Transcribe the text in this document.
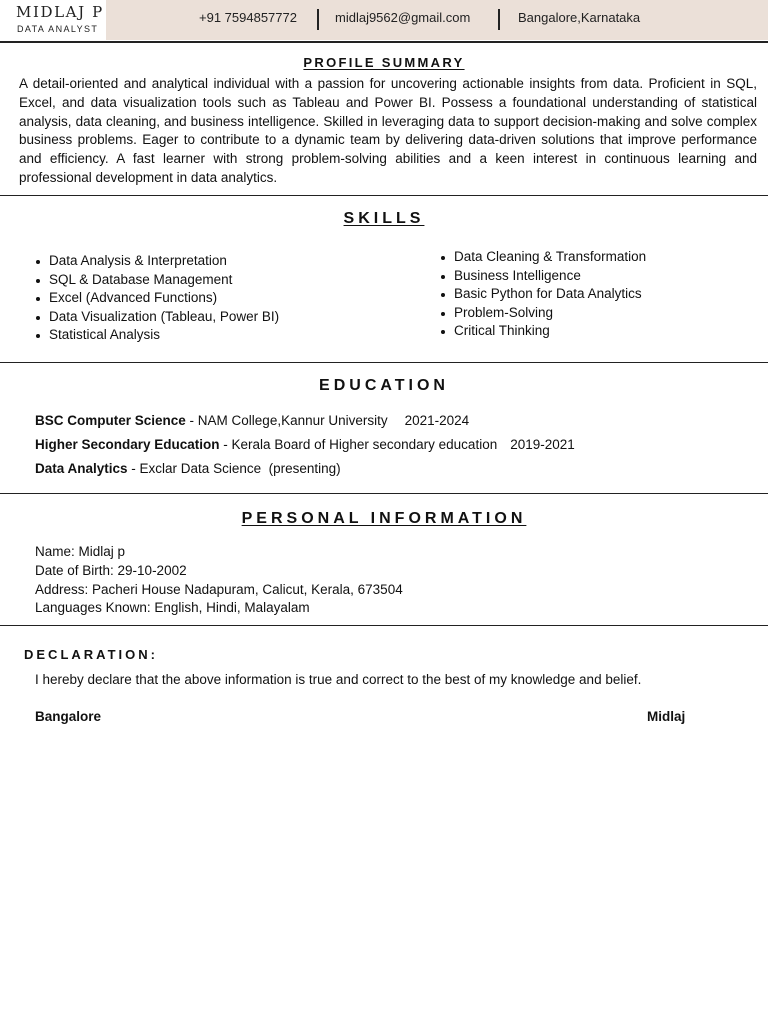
MIDLAJ P
DATA ANALYST
+91 7594857772	midlaj9562@gmail.com	Bangalore,Karnataka
PROFILE SUMMARY
A detail-oriented and analytical individual with a passion for uncovering actionable insights from data. Proficient in SQL, Excel, and data visualization tools such as Tableau and Power BI. Possess a foundational understanding of statistical analysis, data cleaning, and business intelligence. Skilled in leveraging data to support decision-making and solve complex business problems. Eager to contribute to a dynamic team by delivering data-driven solutions that improve performance and efficiency. A fast learner with strong problem-solving abilities and a keen interest in continuous learning and professional development in data analytics.
SKILLS
Data Analysis & Interpretation
SQL & Database Management
Excel (Advanced Functions)
Data Visualization (Tableau, Power BI)
Statistical Analysis
Data Cleaning & Transformation
Business Intelligence
Basic Python for Data Analytics
Problem-Solving
Critical Thinking
EDUCATION
BSC Computer Science - NAM College,Kannur University 2021-2024
Higher Secondary Education - Kerala Board of Higher secondary education 2019-2021
Data Analytics - Exclar Data Science  (presenting)
PERSONAL INFORMATION
Name: Midlaj p
Date of Birth: 29-10-2002
Address: Pacheri House Nadapuram, Calicut, Kerala, 673504
Languages Known: English, Hindi, Malayalam
DECLARATION:
I hereby declare that the above information is true and correct to the best of my knowledge and belief.
Bangalore	Midlaj
